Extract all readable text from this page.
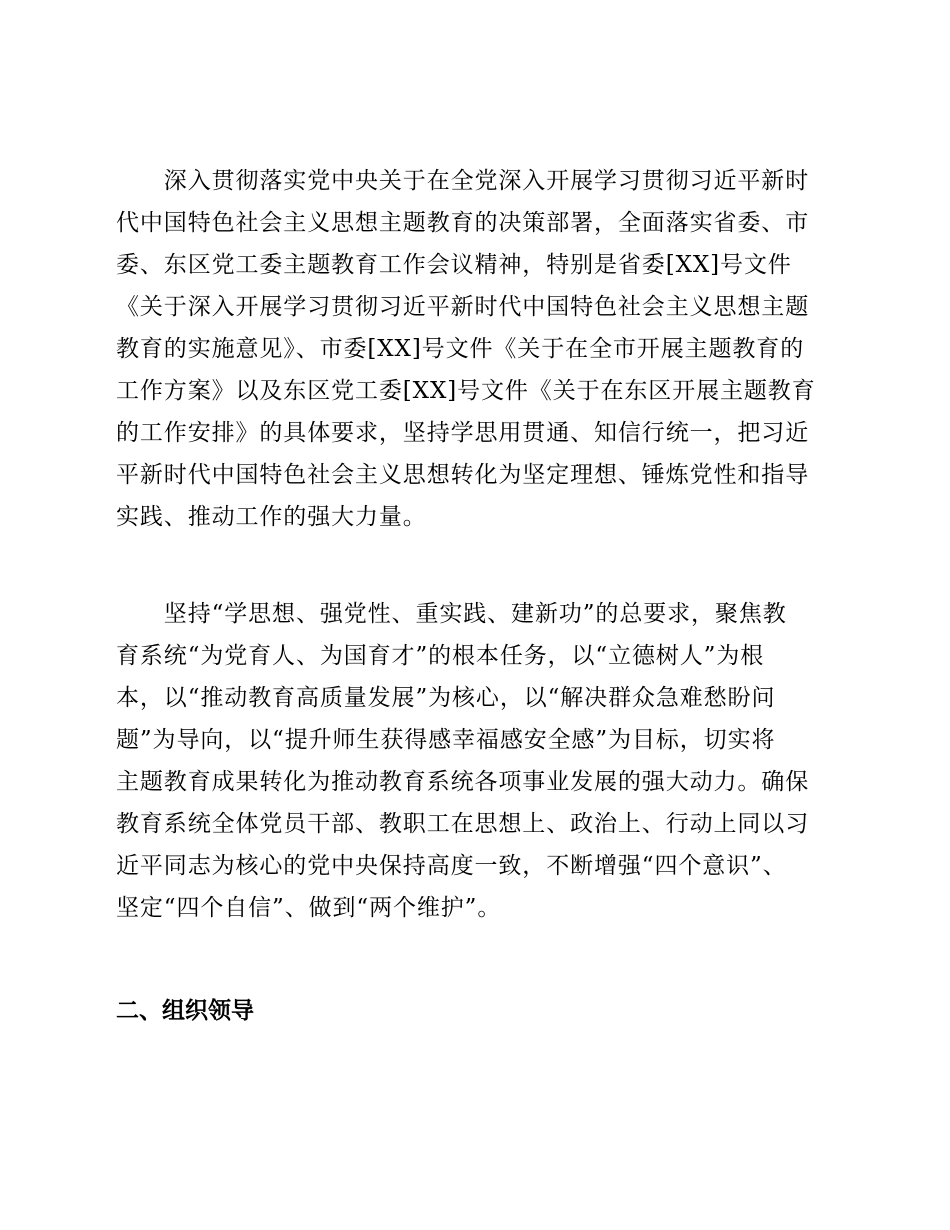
　　深入贯彻落实党中央关于在全党深入开展学习贯彻习近平新时
代中国特色社会主义思想主题教育的决策部署，全面落实省委、市
委、东区党工委主题教育工作会议精神，特别是省委[XX]号文件
《关于深入开展学习贯彻习近平新时代中国特色社会主义思想主题
教育的实施意见》、市委[XX]号文件《关于在全市开展主题教育的
工作方案》以及东区党工委[XX]号文件《关于在东区开展主题教育
的工作安排》的具体要求，坚持学思用贯通、知信行统一，把习近
平新时代中国特色社会主义思想转化为坚定理想、锤炼党性和指导
实践、推动工作的强大力量。
　　坚持“学思想、强党性、重实践、建新功”的总要求，聚焦教
育系统“为党育人、为国育才”的根本任务，以“立德树人”为根
本，以“推动教育高质量发展”为核心，以“解决群众急难愁盼问
题”为导向，以“提升师生获得感幸福感安全感”为目标，切实将
主题教育成果转化为推动教育系统各项事业发展的强大动力。确保
教育系统全体党员干部、教职工在思想上、政治上、行动上同以习
近平同志为核心的党中央保持高度一致，不断增强“四个意识”、
坚定“四个自信”、做到“两个维护”。
二、组织领导
